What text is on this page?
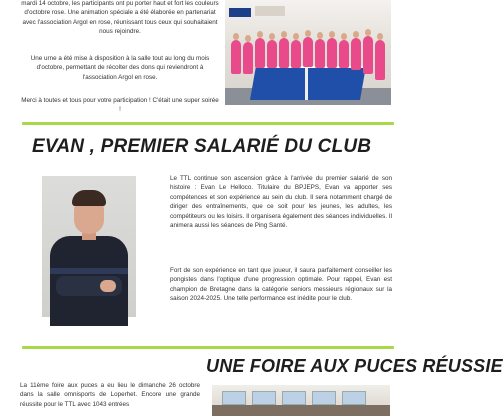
mardi 14 octobre, les participants ont pu porter haut et fort les couleurs d'octobre rose. Une animation spéciale a été élaborée en partenariat avec l'association Argol en rose, réunissant tous ceux qui souhaitaient nous rejoindre.

Une urne a été mise à disposition à la salle tout au long du mois d'octobre, permettant de récolter des dons qui reviendront à l'association Argol en rose.

Merci à toutes et tous pour votre participation ! C'était une super soirée !

EVAN , PREMIER SALARIÉ DU CLUB

Le TTL continue son ascension grâce à l'arrivée du premier salarié de son histoire : Evan Le Hellocο. Titulaire du BPJEPS, Evan va apporter ses compétences et son expérience au sein du club. Il sera notamment chargé de diriger des entraînements, que ce soit pour les jeunes, les adultes, les compétiteurs ou les loisirs. Il organisera également des séances individuelles. Il animera aussi les séances de Ping Santé.

Fort de son expérience en tant que joueur, il saura parfaitement conseiller les pongistes dans l'optique d'une progression optimale. Pour rappel, Evan est champion de Bretagne dans la catégorie seniors messieurs régionaux sur la saison 2024-2025. Une telle performance est inédite pour le club.

UNE FOIRE AUX PUCES RÉUSSIE

La 11ème foire aux puces a eu lieu le dimanche 26 octobre dans la salle omnisports de Loperhet. Encore une grande réussite pour le TTL avec 1043 entrées
